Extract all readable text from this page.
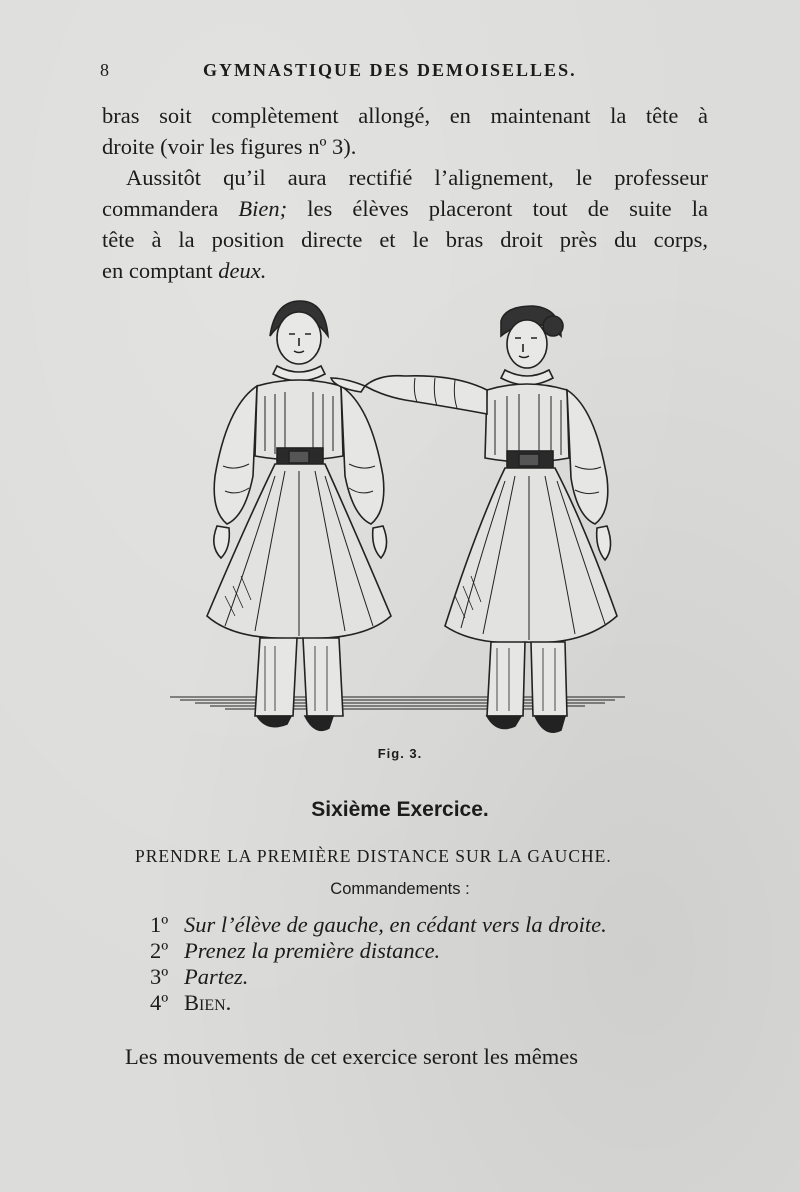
8	GYMNASTIQUE DES DEMOISELLES.
bras soit complètement allongé, en maintenant la tête à
droite (voir les figures nº 3).
Aussitôt qu’il aura rectifié l’alignement, le professeur
commandera Bien; les élèves placeront tout de suite la
tête à la position directe et le bras droit près du corps,
en comptant deux.
Fig. 3.
Sixième Exercice.
PRENDRE LA PREMIÈRE DISTANCE SUR LA GAUCHE.
Commandements :
1º Sur l’élève de gauche, en cédant vers la droite.
2º Prenez la première distance.
3º Partez.
4º Bien.
Les mouvements de cet exercice seront les mêmes
